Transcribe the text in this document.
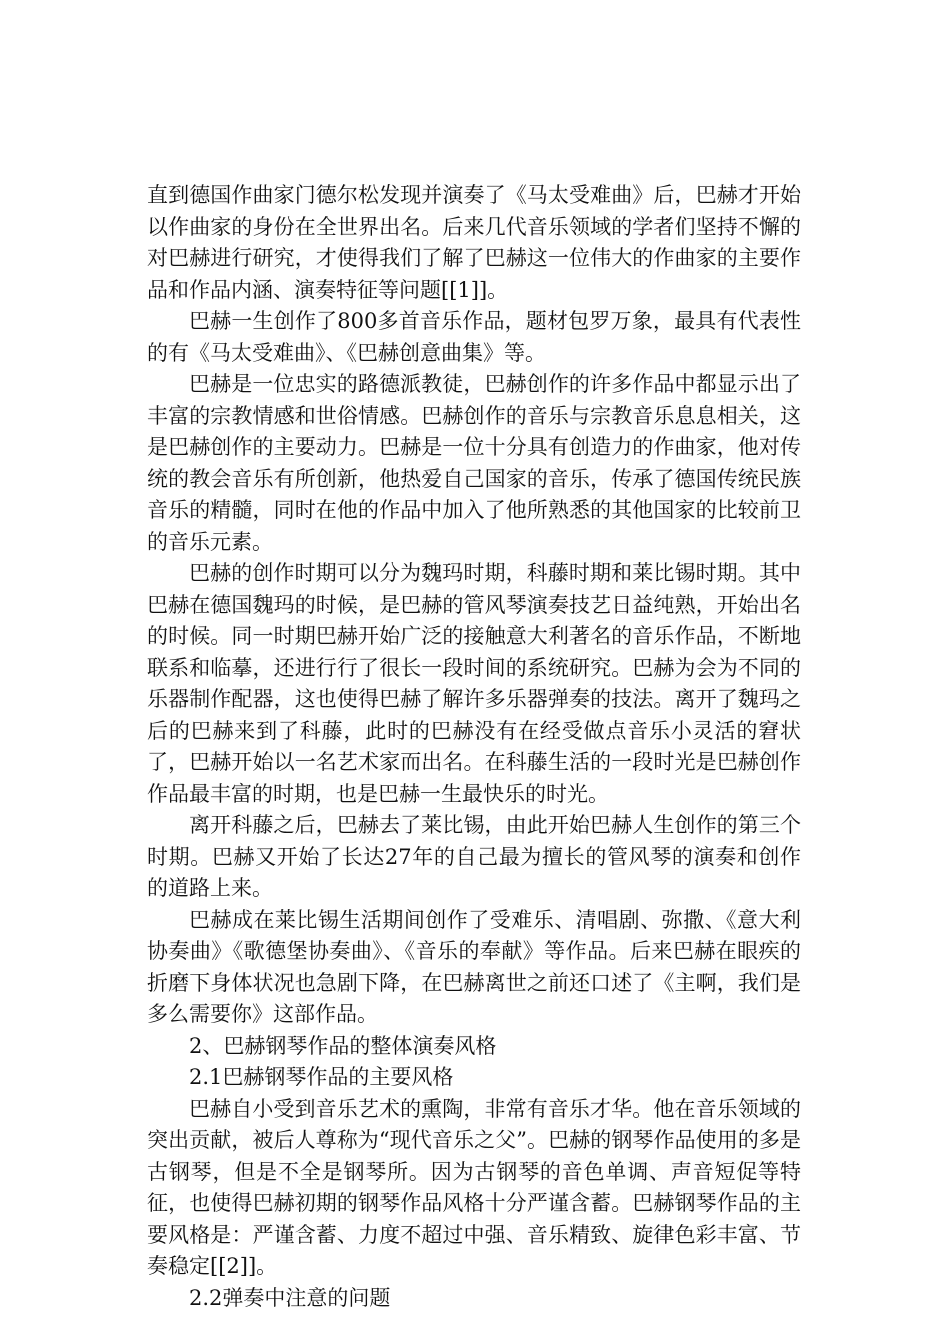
直到德国作曲家门德尔松发现并演奏了《马太受难曲》后，巴赫才开始以作曲家的身份在全世界出名。后来几代音乐领域的学者们坚持不懈的对巴赫进行研究，才使得我们了解了巴赫这一位伟大的作曲家的主要作品和作品内涵、演奏特征等问题[[1]]。

巴赫一生创作了800多首音乐作品，题材包罗万象，最具有代表性的有《马太受难曲》、《巴赫创意曲集》等。

巴赫是一位忠实的路德派教徒，巴赫创作的许多作品中都显示出了丰富的宗教情感和世俗情感。巴赫创作的音乐与宗教音乐息息相关，这是巴赫创作的主要动力。巴赫是一位十分具有创造力的作曲家，他对传统的教会音乐有所创新，他热爱自己国家的音乐，传承了德国传统民族音乐的精髓，同时在他的作品中加入了他所熟悉的其他国家的比较前卫的音乐元素。

巴赫的创作时期可以分为魏玛时期，科藤时期和莱比锡时期。其中巴赫在德国魏玛的时候，是巴赫的管风琴演奏技艺日益纯熟，开始出名的时候。同一时期巴赫开始广泛的接触意大利著名的音乐作品，不断地联系和临摹，还进行行了很长一段时间的系统研究。巴赫为会为不同的乐器制作配器，这也使得巴赫了解许多乐器弹奏的技法。离开了魏玛之后的巴赫来到了科藤，此时的巴赫没有在经受做点音乐小灵活的窘状了，巴赫开始以一名艺术家而出名。在科藤生活的一段时光是巴赫创作作品最丰富的时期，也是巴赫一生最快乐的时光。

离开科藤之后，巴赫去了莱比锡，由此开始巴赫人生创作的第三个时期。巴赫又开始了长达27年的自己最为擅长的管风琴的演奏和创作的道路上来。

巴赫成在莱比锡生活期间创作了受难乐、清唱剧、弥撒、《意大利协奏曲》《歌德堡协奏曲》、《音乐的奉献》等作品。后来巴赫在眼疾的折磨下身体状况也急剧下降，在巴赫离世之前还口述了《主啊，我们是多么需要你》这部作品。

2、巴赫钢琴作品的整体演奏风格

2.1巴赫钢琴作品的主要风格

巴赫自小受到音乐艺术的熏陶，非常有音乐才华。他在音乐领域的突出贡献，被后人尊称为“现代音乐之父”。巴赫的钢琴作品使用的多是古钢琴，但是不全是钢琴所。因为古钢琴的音色单调、声音短促等特征，也使得巴赫初期的钢琴作品风格十分严谨含蓄。巴赫钢琴作品的主要风格是：严谨含蓄、力度不超过中强、音乐精致、旋律色彩丰富、节奏稳定[[2]]。

2.2弹奏中注意的问题
